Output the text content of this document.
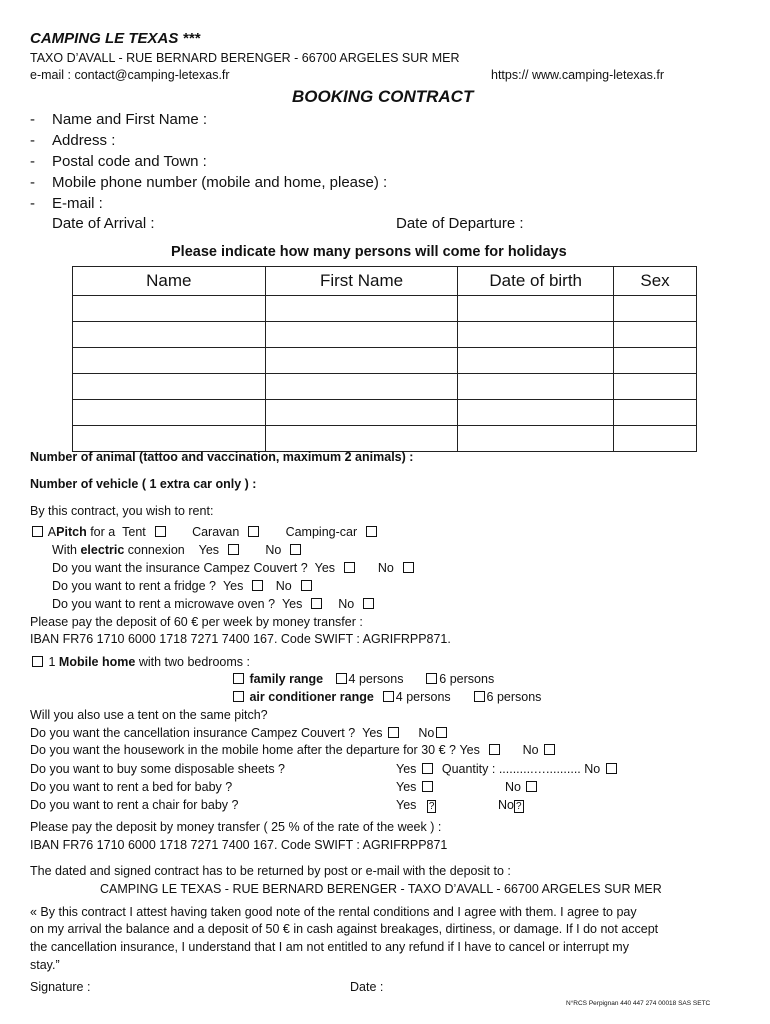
CAMPING LE TEXAS ***
TAXO D’AVALL - RUE BERNARD BERENGER - 66700 ARGELES SUR MER
e-mail : contact@camping-letexas.fr	https:// www.camping-letexas.fr
BOOKING CONTRACT
- Name and First Name :
- Address :
- Postal code and Town :
- Mobile phone number (mobile and home, please) :
- E-mail :
Date of Arrival :	Date of Departure :
Please indicate how many persons will come for holidays
Name	First Name	Date of birth	Sex

Number of animal (tattoo and vaccination, maximum 2 animals) :
Number of vehicle ( 1 extra car only ) :
By this contract, you wish to rent:
APitch for a Tent	Caravan	Camping-car
With electric connexion Yes	No
Do you want the insurance Campez Couvert ? Yes	No
Do you want to rent a fridge ? Yes	No
Do you want to rent a microwave oven ? Yes	No
Please pay the deposit of 60 € per week by money transfer :
IBAN FR76 1710 6000 1718 7271 7400 167. Code SWIFT : AGRIFRPP871.
1 Mobile home with two bedrooms :
family range 4 persons	6 persons
air conditioner range 4 persons	6 persons
Will you also use a tent on the same pitch?
Do you want the cancellation insurance Campez Couvert ? Yes	No
Do you want the housework in the mobile home after the departure for 30 € ? Yes	No
Do you want to buy some disposable sheets ?	Yes Quantity : ..........….......... No
Do you want to rent a bed for baby ?	Yes	No
Do you want to rent a chair for baby ?	Yes ?	No ?
Please pay the deposit by money transfer ( 25 % of the rate of the week ) :
IBAN FR76 1710 6000 1718 7271 7400 167. Code SWIFT : AGRIFRPP871
The dated and signed contract has to be returned by post or e-mail with the deposit to :
CAMPING LE TEXAS - RUE BERNARD BERENGER - TAXO D’AVALL - 66700 ARGELES SUR MER
« By this contract I attest having taken good note of the rental conditions and I agree with them. I agree to pay
on my arrival the balance and a deposit of 50 € in cash against breakages, dirtiness, or damage. If I do not accept
the cancellation insurance, I understand that I am not entitled to any refund if I have to cancel or interrupt my
stay.”
Signature :	Date :
N°RCS Perpignan 440 447 274 00018 SAS SETC
